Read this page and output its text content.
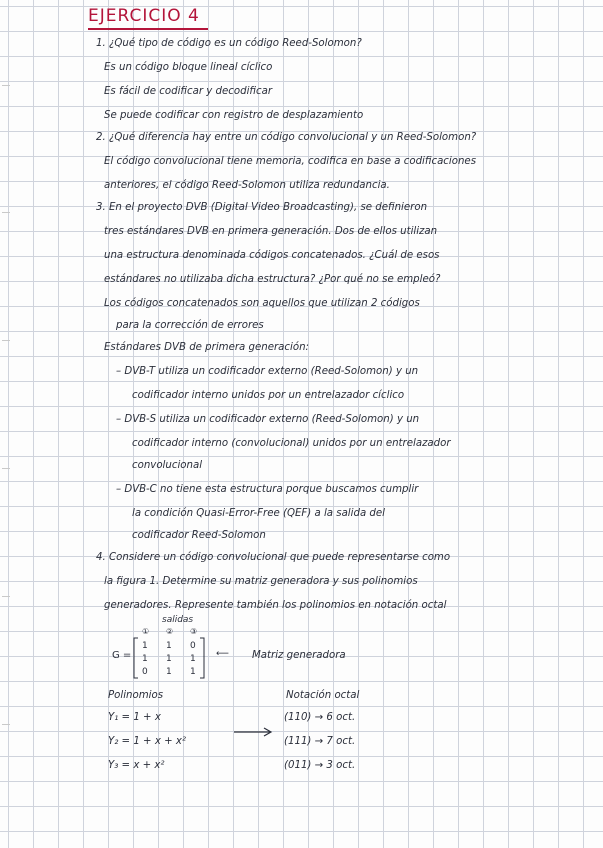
EJERCICIO 4
1. ¿Qué tipo de código es un código Reed-Solomon?
Es un código bloque lineal cíclico
Es fácil de codificar y decodificar
Se puede codificar con registro de desplazamiento
2. ¿Qué diferencia hay entre un código convolucional y un Reed-Solomon?
El código convolucional tiene memoria, codifica en base a codificaciones
anteriores, el código Reed-Solomon utiliza redundancia.
3. En el proyecto DVB (Digital Video Broadcasting), se definieron
tres estándares DVB en primera generación. Dos de ellos utilizan
una estructura denominada códigos concatenados. ¿Cuál de esos
estándares no utilizaba dicha estructura? ¿Por qué no se empleó?
Los códigos concatenados son aquellos que utilizan 2 códigos
para la corrección de errores
Estándares DVB de primera generación:
– DVB-T utiliza un codificador externo (Reed-Solomon) y un
codificador interno unidos por un entrelazador cíclico
– DVB-S utiliza un codificador externo (Reed-Solomon) y un
codificador interno (convolucional) unidos por un entrelazador
convolucional
– DVB-C no tiene esta estructura porque buscamos cumplir
la condición Quasi-Error-Free (QEF) a la salida del
codificador Reed-Solomon
4. Considere un código convolucional que puede representarse como
la figura 1. Determine su matriz generadora y sus polinomios
generadores. Represente también los polinomios en notación octal
salidas
① ② ③
G =
1 1 0
1 1 1
0 1 1
⟵ Matriz generadora
Polinomios	Notación octal
Y₁ = 1 + x
Y₂ = 1 + x + x²
Y₃ = x + x²
(110) → 6 oct.
(111) → 7 oct.
(011) → 3 oct.
